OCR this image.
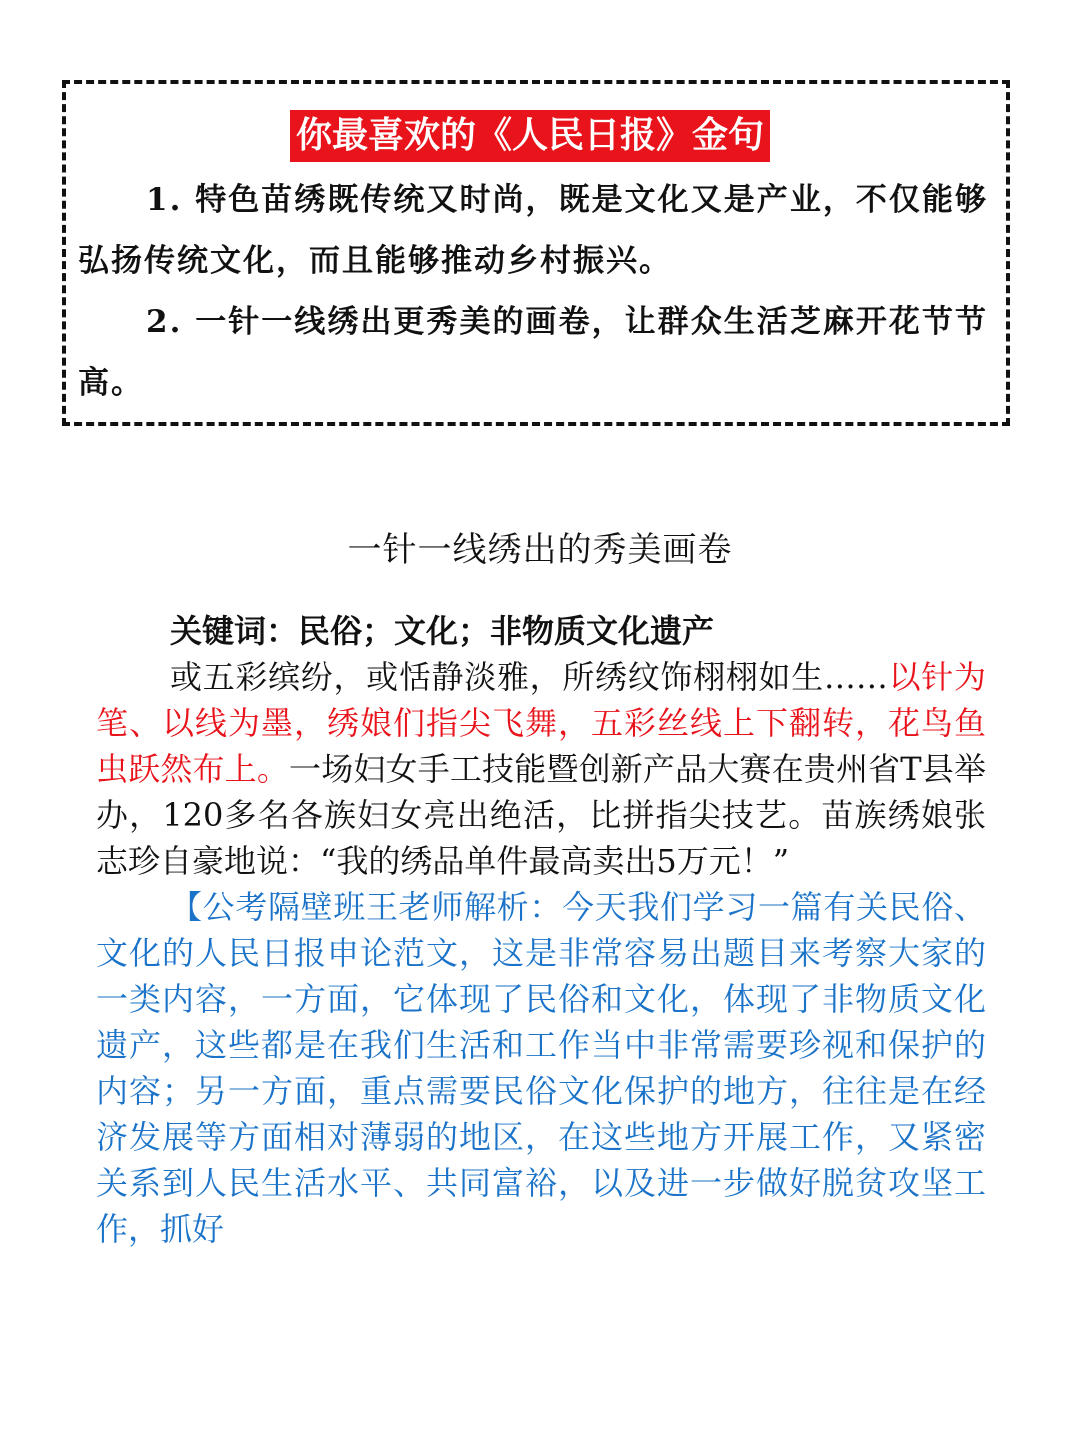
你最喜欢的《人民日报》金句

1. 特色苗绣既传统又时尚，既是文化又是产业，不仅能够弘扬传统文化，而且能够推动乡村振兴。

2. 一针一线绣出更秀美的画卷，让群众生活芝麻开花节节高。

一针一线绣出的秀美画卷

关键词：民俗；文化；非物质文化遗产

或五彩缤纷，或恬静淡雅，所绣纹饰栩栩如生……以针为笔、以线为墨，绣娘们指尖飞舞，五彩丝线上下翻转，花鸟鱼虫跃然布上。一场妇女手工技能暨创新产品大赛在贵州省T县举办，120多名各族妇女亮出绝活，比拼指尖技艺。苗族绣娘张志珍自豪地说：“我的绣品单件最高卖出5万元！”

【公考隔壁班王老师解析：今天我们学习一篇有关民俗、文化的人民日报申论范文，这是非常容易出题目来考察大家的一类内容，一方面，它体现了民俗和文化，体现了非物质文化遗产，这些都是在我们生活和工作当中非常需要珍视和保护的内容；另一方面，重点需要民俗文化保护的地方，往往是在经济发展等方面相对薄弱的地区，在这些地方开展工作，又紧密关系到人民生活水平、共同富裕，以及进一步做好脱贫攻坚工作，抓好
